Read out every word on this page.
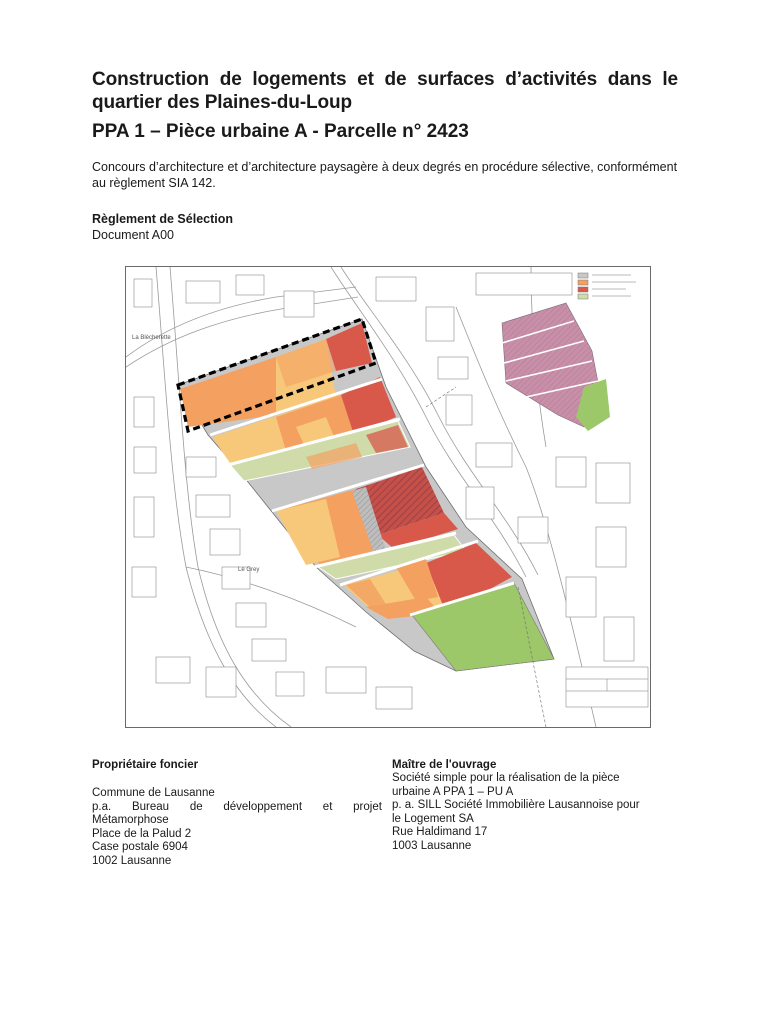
Construction de logements et de surfaces d’activités dans le quartier des Plaines-du-Loup
PPA 1 – Pièce urbaine A - Parcelle n° 2423

Concours d’architecture et d’architecture paysagère à deux degrés en procédure sélective, conformément au règlement SIA 142.

Règlement de Sélection

Document A00

La Blécherette
Le Grey
Propriétaire foncier
Commune de Lausanne
p.a. Bureau de développement et projet
Métamorphose
Place de la Palud 2
Case postale 6904
1002 Lausanne
Maître de l'ouvrage
Société simple pour la réalisation de la pièce
urbaine A PPA 1 – PU A
p. a. SILL Société Immobilière Lausannoise pour
le Logement SA
Rue Haldimand 17
1003 Lausanne
